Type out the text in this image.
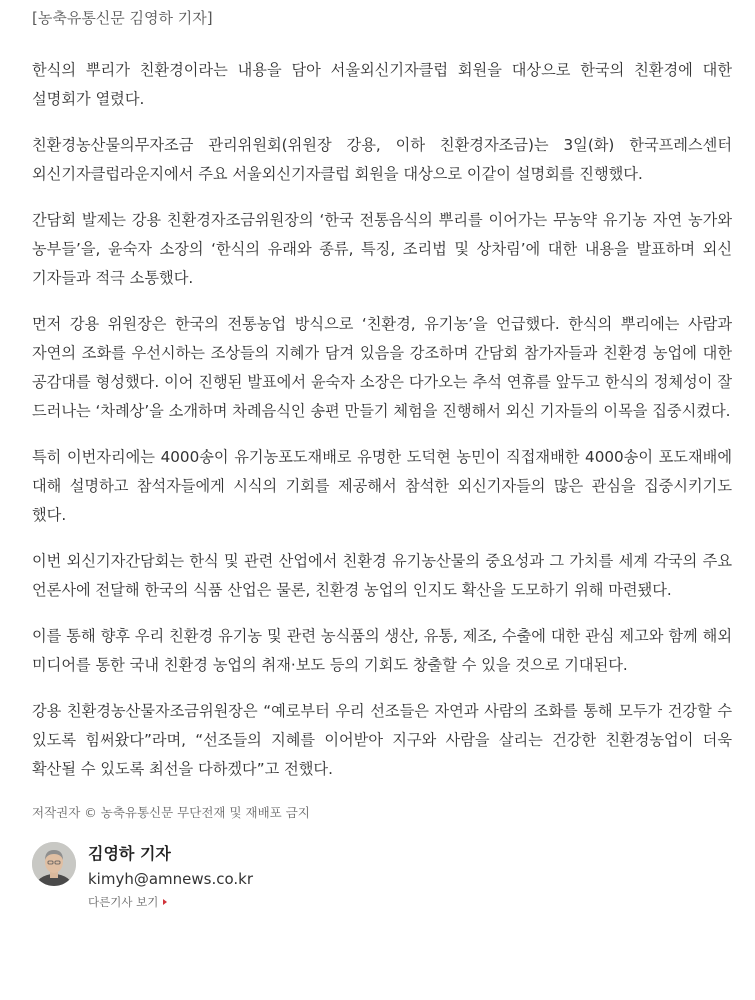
[농축유통신문 김영하 기자]

한식의 뿌리가 친환경이라는 내용을 담아 서울외신기자클럽 회원을 대상으로 한국의 친환경에 대한 설명회가 열렸다.

친환경농산물의무자조금 관리위원회(위원장 강용, 이하 친환경자조금)는 3일(화) 한국프레스센터 외신기자클럽라운지에서 주요 서울외신기자클럽 회원을 대상으로 이같이 설명회를 진행했다.

간담회 발제는 강용 친환경자조금위원장의 ‘한국 전통음식의 뿌리를 이어가는 무농약 유기농 자연 농가와 농부들’을, 윤숙자 소장의 ‘한식의 유래와 종류, 특징, 조리법 및 상차림’에 대한 내용을 발표하며 외신 기자들과 적극 소통했다.

먼저 강용 위원장은 한국의 전통농업 방식으로 ‘친환경, 유기농’을 언급했다. 한식의 뿌리에는 사람과 자연의 조화를 우선시하는 조상들의 지혜가 담겨 있음을 강조하며 간담회 참가자들과 친환경 농업에 대한 공감대를 형성했다. 이어 진행된 발표에서 윤숙자 소장은 다가오는 추석 연휴를 앞두고 한식의 정체성이 잘 드러나는 ‘차례상’을 소개하며 차례음식인 송편 만들기 체험을 진행해서 외신 기자들의 이목을 집중시켰다.

특히 이번자리에는 4000송이 유기농포도재배로 유명한 도덕현 농민이 직접재배한 4000송이 포도재배에 대해 설명하고 참석자들에게 시식의 기회를 제공해서 참석한 외신기자들의 많은 관심을 집중시키기도 했다.

이번 외신기자간담회는 한식 및 관련 산업에서 친환경 유기농산물의 중요성과 그 가치를 세계 각국의 주요 언론사에 전달해 한국의 식품 산업은 물론, 친환경 농업의 인지도 확산을 도모하기 위해 마련됐다.

이를 통해 향후 우리 친환경 유기농 및 관련 농식품의 생산, 유통, 제조, 수출에 대한 관심 제고와 함께 해외 미디어를 통한 국내 친환경 농업의 취재·보도 등의 기회도 창출할 수 있을 것으로 기대된다.

강용 친환경농산물자조금위원장은 “예로부터 우리 선조들은 자연과 사람의 조화를 통해 모두가 건강할 수 있도록 힘써왔다”라며, “선조들의 지혜를 이어받아 지구와 사람을 살리는 건강한 친환경농업이 더욱 확산될 수 있도록 최선을 다하겠다”고 전했다.

저작권자 © 농축유통신문 무단전재 및 재배포 금지
김영하 기자
kimyh@amnews.co.kr
다른기사 보기
